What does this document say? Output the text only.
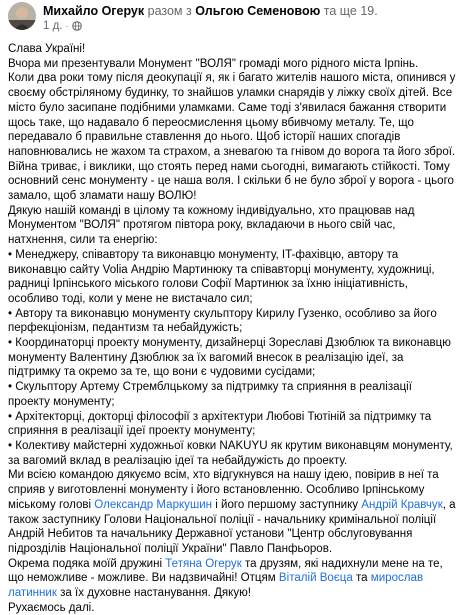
Михайло Огерук разом з Ольгою Семеновою та ще 19.
1 д. ·

Слава Україні!

Вчора ми презентували Монумент "ВОЛЯ" громаді мого рідного міста Ірпінь.

Коли два роки тому після деокупації я, як і багато жителів нашого міста, опинився у своєму обстріляному будинку, то знайшов уламки снарядів у ліжку своїх дітей. Все місто було засипане подібними уламками. Саме тоді з'явилася бажання створити щось таке, що надавало б переосмислення цьому вбивчому металу. Те, що передавало б правильне ставлення до нього. Щоб історії наших спогадів наповнювались не жахом та страхом, а зневагою та гнівом до ворога та його зброї.

Війна триває, і виклики, що стоять перед нами сьогодні, вимагають стійкості. Тому основний сенс монументу - це наша воля. І скільки б не було зброї у ворога - цього замало, щоб зламати нашу ВОЛЮ!

Дякую нашій команді в цілому та кожному індивідуально, хто працював над Монументом "ВОЛЯ" протягом півтора року, вкладаючи в нього свій час, натхнення, сили та енергію:

• Менеджеру, співавтору та виконавцю монументу, IT-фахівцю, автору та виконавцю сайту Volia Андрію Мартинюку та співавторці монументу, художниці, радниці Ірпінського міського голови Софії Мартинюк за їхню ініціативність, особливо тоді, коли у мене не вистачало сил;

• Автору та виконавцю монументу скульптору Кирилу Гузенко, особливо за його перфекціонізм, педантизм та небайдужість;

• Координаторці проекту монументу, дизайнерці Зореславі Дзюблюк та виконавцю монументу Валентину Дзюблюк за їх вагомий внесок в реалізацію ідеї, за підтримку та окремо за те, що вони є чудовими сусідами;

• Скульптору Артему Стремблцькому за підтримку та сприяння в реалізації проекту монументу;

• Архітекторці, докторці філософії з архітектури Любові Тютіній за підтримку та сприяння в реалізації ідеї проекту монументу;

• Колективу майстерні художньої ковки NAKUYU як крутим виконавцям монументу, за вагомий вклад в реалізацію ідеї та небайдужість до проекту.

Ми всією командою дякуємо всім, хто відгукнувся на нашу ідею, повірив в неї та сприяв у виготовленні монументу і його встановленню. Особливо Ірпінському міському голові Олександр Маркушин і його першому заступнику Андрій Кравчук, а також заступнику Голови Національної поліції - начальнику кримінальної поліції Андрій Небитов та начальнику Державної установи "Центр обслуговування підрозділів Національної поліції України" Павло Панфьоров.

Окрема подяка моїй дружині Тетяна Огерук та друзям, які надихнули мене на те, що неможливе - можливе. Ви надзвичайні! Отцям Віталій Воєца та мирослав латинник за їх духовне настанування. Дякую!

Рухаємось далі.
